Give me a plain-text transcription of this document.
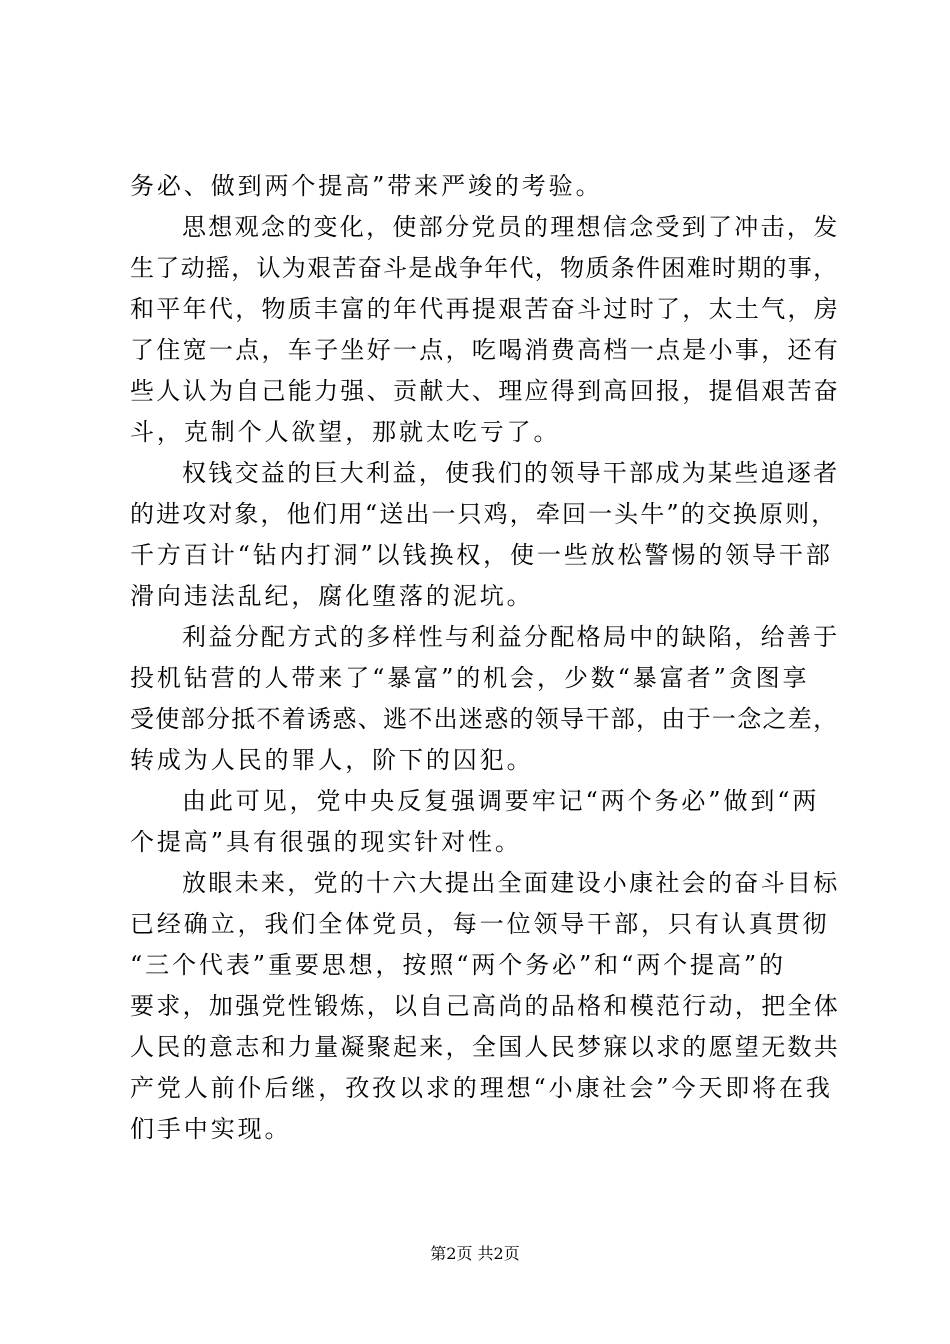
务必、做到两个提高”带来严竣的考验。
思想观念的变化，使部分党员的理想信念受到了冲击，发
生了动摇，认为艰苦奋斗是战争年代，物质条件困难时期的事，
和平年代，物质丰富的年代再提艰苦奋斗过时了，太土气，房
了住宽一点，车子坐好一点，吃喝消费高档一点是小事，还有
些人认为自己能力强、贡献大、理应得到高回报，提倡艰苦奋
斗，克制个人欲望，那就太吃亏了。
权钱交益的巨大利益，使我们的领导干部成为某些追逐者
的进攻对象，他们用“送出一只鸡，牵回一头牛”的交换原则，
千方百计“钻内打洞”以钱换权，使一些放松警惕的领导干部
滑向违法乱纪，腐化堕落的泥坑。
利益分配方式的多样性与利益分配格局中的缺陷，给善于
投机钻营的人带来了“暴富”的机会，少数“暴富者”贪图享
受使部分抵不着诱惑、逃不出迷惑的领导干部，由于一念之差，
转成为人民的罪人，阶下的囚犯。
由此可见，党中央反复强调要牢记“两个务必”做到“两
个提高”具有很强的现实针对性。
放眼未来，党的十六大提出全面建设小康社会的奋斗目标
已经确立，我们全体党员，每一位领导干部，只有认真贯彻
“三个代表”重要思想，按照“两个务必”和“两个提高”的
要求，加强党性锻炼，以自己高尚的品格和模范行动，把全体
人民的意志和力量凝聚起来，全国人民梦寐以求的愿望无数共
产党人前仆后继，孜孜以求的理想“小康社会”今天即将在我
们手中实现。
第2页 共2页
